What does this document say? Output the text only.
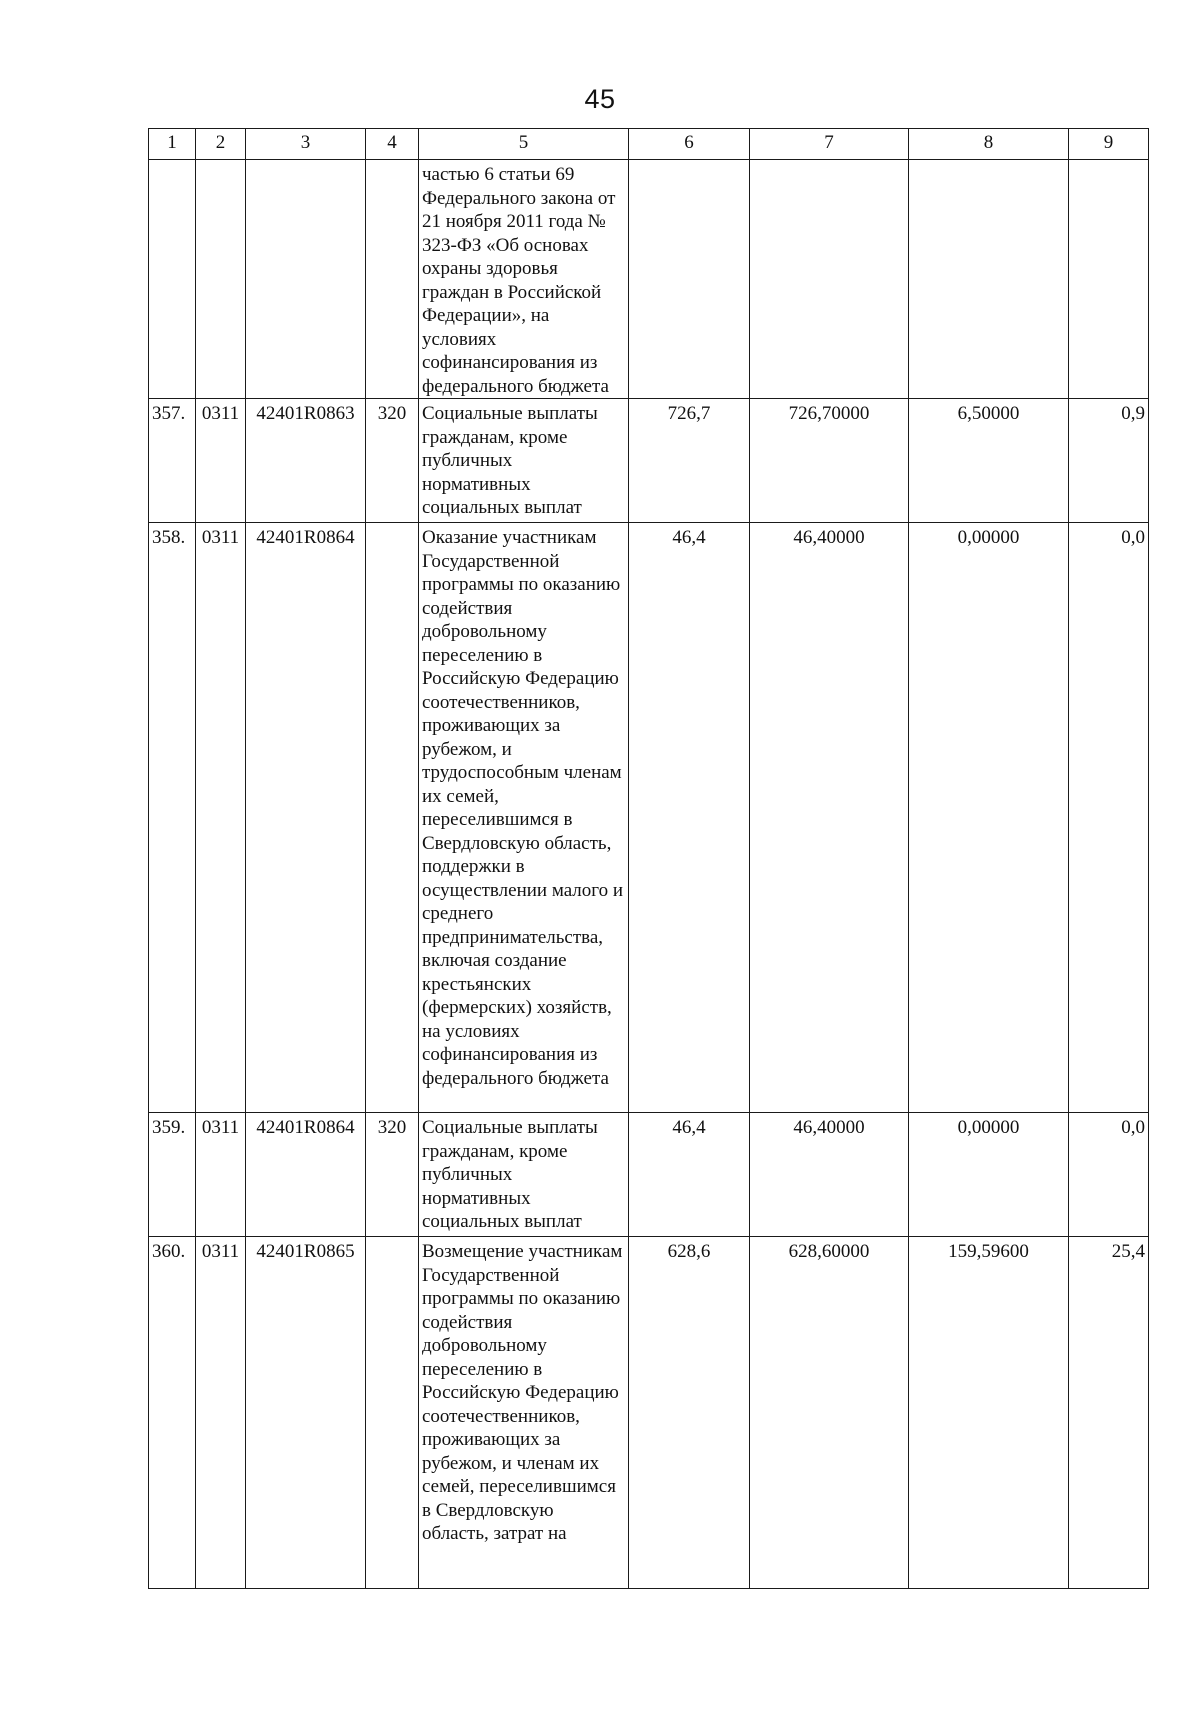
45
1	2	3	4	5	6	7	8	9
				частью 6 статьи 69 Федерального закона от 21 ноября 2011 года № 323-ФЗ «Об основах охраны здоровья граждан в Российской Федерации», на условиях софинансирования из федерального бюджета				
357.	0311	42401R0863	320	Социальные выплаты гражданам, кроме публичных нормативных социальных выплат	726,7	726,70000	6,50000	0,9
358.	0311	42401R0864		Оказание участникам Государственной программы по оказанию содействия добровольному переселению в Российскую Федерацию соотечественников, проживающих за рубежом, и трудоспособным членам их семей, переселившимся в Свердловскую область, поддержки в осуществлении малого и среднего предпринимательства, включая создание крестьянских (фермерских) хозяйств, на условиях софинансирования из федерального бюджета	46,4	46,40000	0,00000	0,0
359.	0311	42401R0864	320	Социальные выплаты гражданам, кроме публичных нормативных социальных выплат	46,4	46,40000	0,00000	0,0
360.	0311	42401R0865		Возмещение участникам Государственной программы по оказанию содействия добровольному переселению в Российскую Федерацию соотечественников, проживающих за рубежом, и членам их семей, переселившимся в Свердловскую область, затрат на	628,6	628,60000	159,59600	25,4
